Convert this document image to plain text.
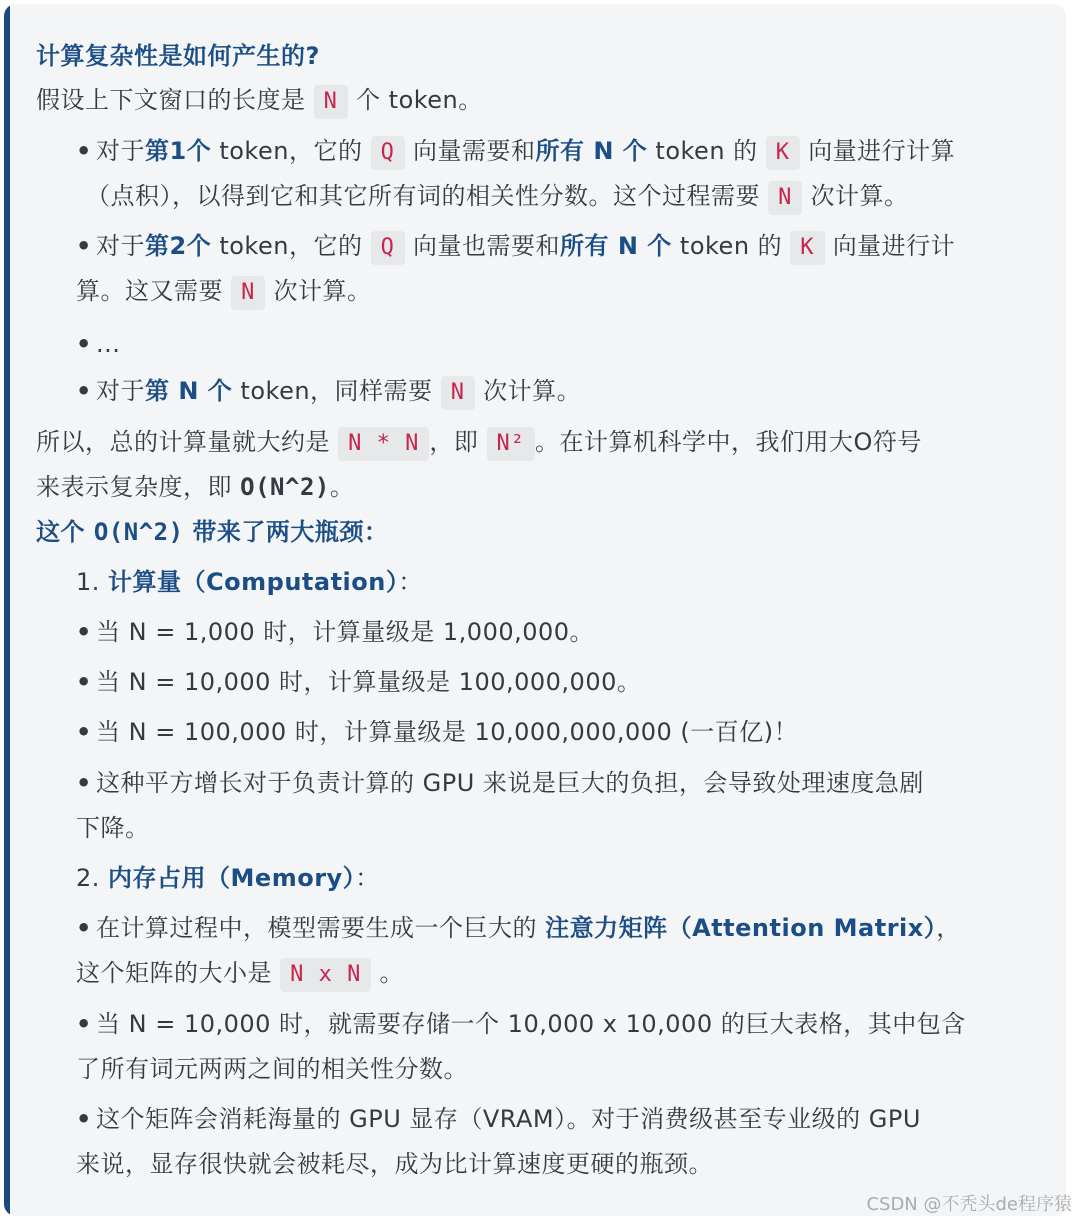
计算复杂性是如何产生的?
假设上下文窗口的长度是 N 个 token。
• 对于第1个 token，它的 Q 向量需要和所有 N 个 token 的 K 向量进行计算
（点积），以得到它和其它所有词的相关性分数。这个过程需要 N 次计算。
• 对于第2个 token，它的 Q 向量也需要和所有 N 个 token 的 K 向量进行计
算。这又需要 N 次计算。
• ...
• 对于第 N 个 token，同样需要 N 次计算。
所以，总的计算量就大约是 N * N ，即 N² 。在计算机科学中，我们用大O符号
来表示复杂度，即 O(N^2)。
这个 O(N^2) 带来了两大瓶颈：
1. 计算量（Computation）：
• 当 N = 1,000 时，计算量级是 1,000,000。
• 当 N = 10,000 时，计算量级是 100,000,000。
• 当 N = 100,000 时，计算量级是 10,000,000,000 (一百亿)！
• 这种平方增长对于负责计算的 GPU 来说是巨大的负担，会导致处理速度急剧
下降。
2. 内存占用（Memory）：
• 在计算过程中，模型需要生成一个巨大的 注意力矩阵（Attention Matrix），
这个矩阵的大小是 N x N 。
• 当 N = 10,000 时，就需要存储一个 10,000 x 10,000 的巨大表格，其中包含
了所有词元两两之间的相关性分数。
• 这个矩阵会消耗海量的 GPU 显存（VRAM）。对于消费级甚至专业级的 GPU
来说，显存很快就会被耗尽，成为比计算速度更硬的瓶颈。
CSDN @不秃头de程序猿
